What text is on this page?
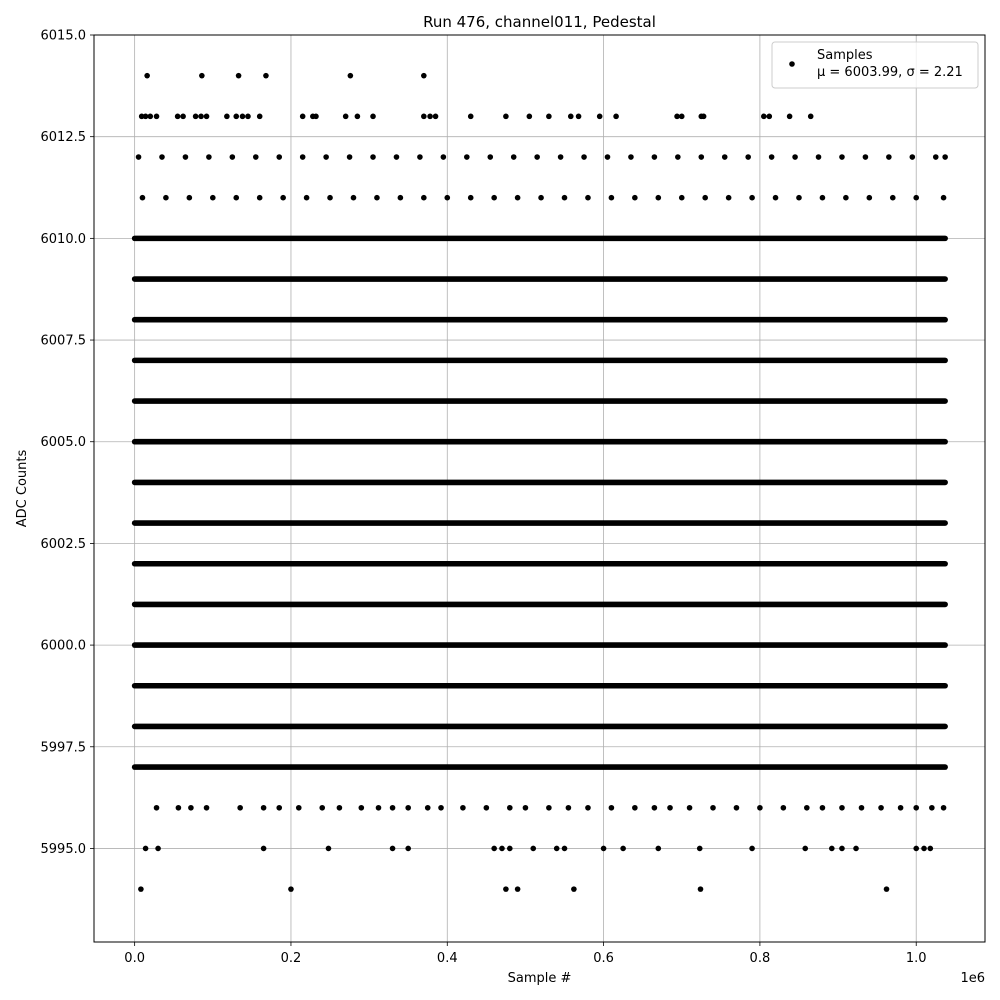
0.0	0.2	0.4	0.6	0.8	1.0
5995.0
5997.5
6000.0
6002.5
6005.0
6007.5
6010.0
6012.5
6015.0
Run 476, channel011, Pedestal
Sample #
ADC Counts
1e6
Samples
μ = 6003.99, σ = 2.21
